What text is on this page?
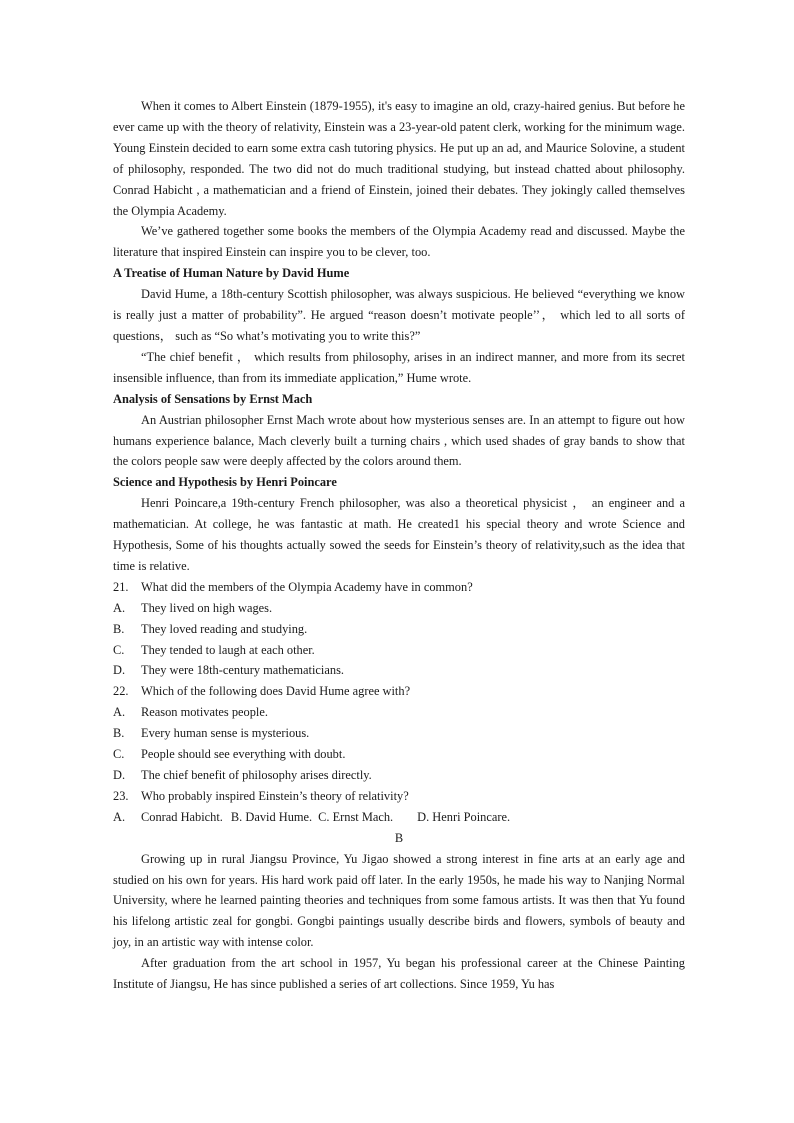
When it comes to Albert Einstein (1879-1955), it's easy to imagine an old, crazy-haired genius. But before he ever came up with the theory of relativity, Einstein was a 23-year-old patent clerk, working for the minimum wage. Young Einstein decided to earn some extra cash tutoring physics. He put up an ad, and Maurice Solovine, a student of philosophy, responded. The two did not do much traditional studying, but instead chatted about philosophy. Conrad Habicht , a mathematician and a friend of Einstein, joined their debates. They jokingly called themselves the Olympia Academy.

We’ve gathered together some books the members of the Olympia Academy read and discussed. Maybe the literature that inspired Einstein can inspire you to be clever, too.

A Treatise of Human Nature by David Hume

David Hume, a 18th-century Scottish philosopher, was always suspicious. He believed “everything we know is really just a matter of probability”. He argued “reason doesn’t motivate people’’， which led to all sorts of questions， such as “So what’s motivating you to write this?”

“The chief benefit ， which results from philosophy, arises in an indirect manner, and more from its secret insensible influence, than from its immediate application,” Hume wrote.

Analysis of Sensations by Ernst Mach

An Austrian philosopher Ernst Mach wrote about how mysterious senses are. In an attempt to figure out how humans experience balance, Mach cleverly built a turning chairs , which used shades of gray bands to show that the colors people saw were deeply affected by the colors around them.

Science and Hypothesis by Henri Poincare

Henri Poincare,a 19th-century French philosopher, was also a theoretical physicist ， an engineer and a mathematician. At college, he was fantastic at math. He created1 his special theory and wrote Science and Hypothesis, Some of his thoughts actually sowed the seeds for Einstein’s theory of relativity,such as the idea that time is relative.

21.	What did the members of the Olympia Academy have in common?
A.	They lived on high wages.
B.	They loved reading and studying.
C.	They tended to laugh at each other.
D.	They were 18th-century mathematicians.
22.	Which of the following does David Hume agree with?
A.	Reason motivates people.
B.	Every human sense is mysterious.
C.	People should see everything with doubt.
D.	The chief benefit of philosophy arises directly.
23.	Who probably inspired Einstein’s theory of relativity?
A.	Conrad Habicht. B. David Hume. C. Ernst Mach. D. Henri Poincare.

B

Growing up in rural Jiangsu Province, Yu Jigao showed a strong interest in fine arts at an early age and studied on his own for years. His hard work paid off later. In the early 1950s, he made his way to Nanjing Normal University, where he learned painting theories and techniques from some famous artists. It was then that Yu found his lifelong artistic zeal for gongbi. Gongbi paintings usually describe birds and flowers, symbols of beauty and joy, in an artistic way with intense color.

After graduation from the art school in 1957, Yu began his professional career at the Chinese Painting Institute of Jiangsu, He has since published a series of art collections. Since 1959, Yu has
